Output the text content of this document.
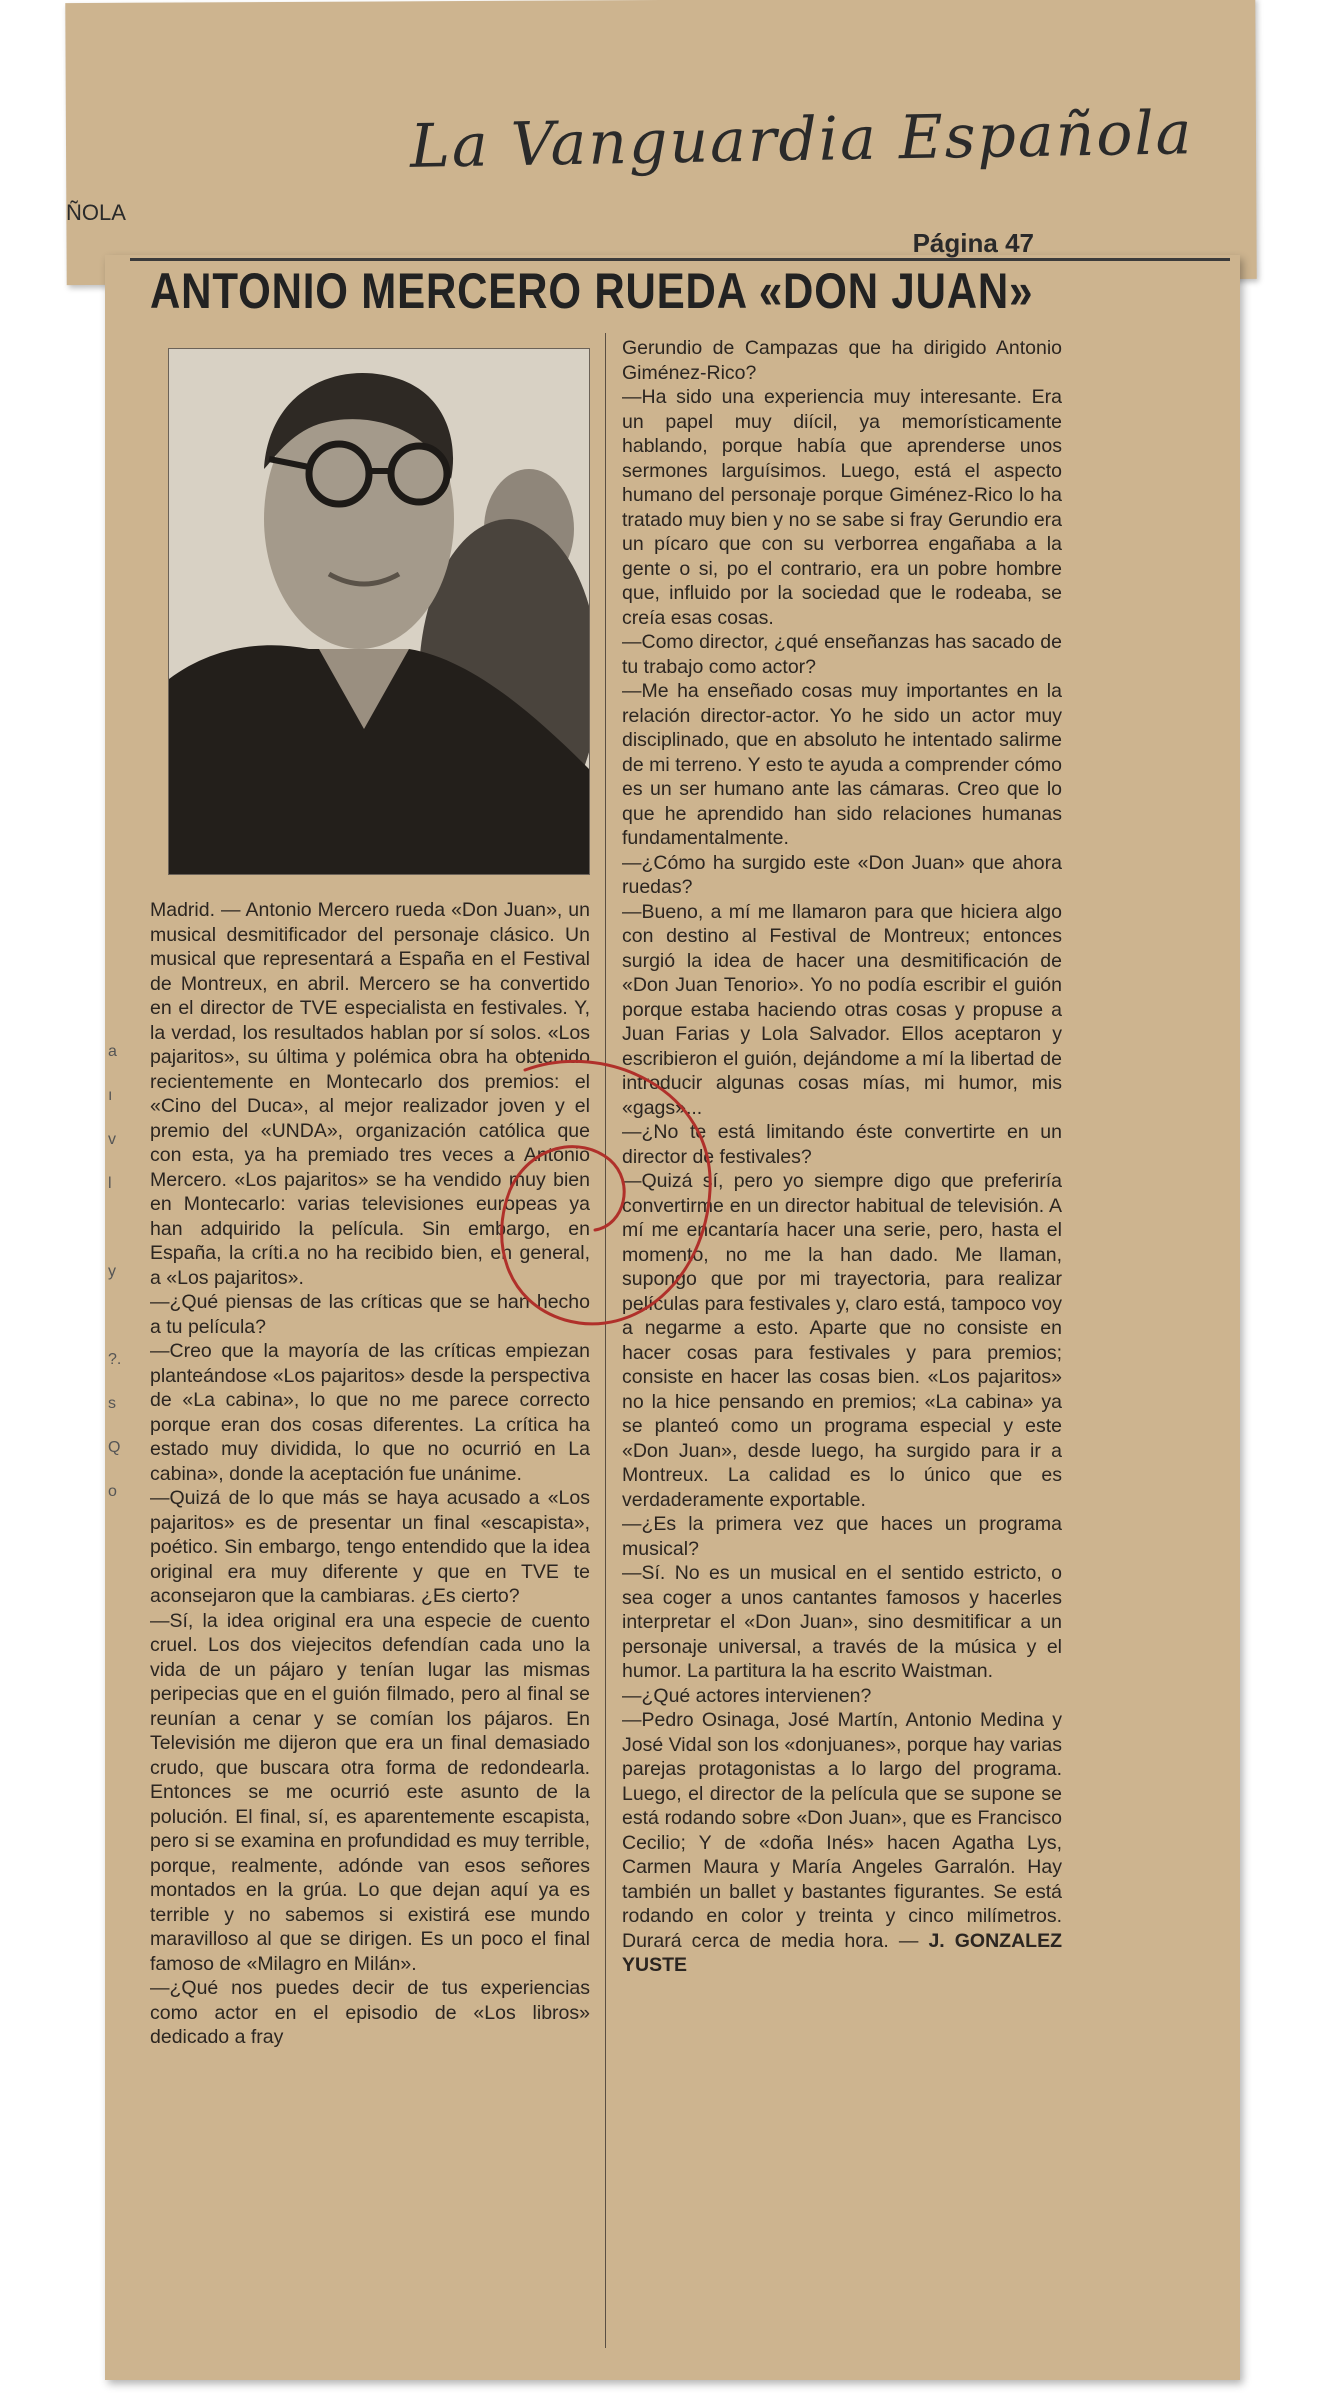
La Vanguardia Española
ÑOLA
Página 47
ANTONIO MERCERO RUEDA «DON JUAN»
a
ı
v
l

y

?.
s
Q
o
Madrid. — Antonio Mercero rueda «Don Juan», un musical desmitificador del personaje clásico. Un musical que representará a España en el Festival de Montreux, en abril. Mercero se ha convertido en el director de TVE especialista en festivales. Y, la verdad, los resultados hablan por sí solos. «Los pajaritos», su última y polémica obra ha obtenido recientemente en Montecarlo dos premios: el «Cino del Duca», al mejor realizador joven y el premio del «UNDA», organización católica que con esta, ya ha premiado tres veces a Antonio Mercero. «Los pajaritos» se ha vendido muy bien en Montecarlo: varias televisiones europeas ya han adquirido la película. Sin embargo, en España, la críti.a no ha recibido bien, en general, a «Los pajaritos».
—¿Qué piensas de las críticas que se han hecho a tu película?
—Creo que la mayoría de las críticas empiezan planteándose «Los pajaritos» desde la perspectiva de «La cabina», lo que no me parece correcto porque eran dos cosas diferentes. La crítica ha estado muy dividida, lo que no ocurrió en La cabina», donde la aceptación fue unánime.
—Quizá de lo que más se haya acusado a «Los pajaritos» es de presentar un final «escapista», poético. Sin embargo, tengo entendido que la idea original era muy diferente y que en TVE te aconsejaron que la cambiaras. ¿Es cierto?
—Sí, la idea original era una especie de cuento cruel. Los dos viejecitos defendían cada uno la vida de un pájaro y tenían lugar las mismas peripecias que en el guión filmado, pero al final se reunían a cenar y se comían los pájaros. En Televisión me dijeron que era un final demasiado crudo, que buscara otra forma de redondearla. Entonces se me ocurrió este asunto de la polución. El final, sí, es aparentemente escapista, pero si se examina en profundidad es muy terrible, porque, realmente, adónde van esos señores montados en la grúa. Lo que dejan aquí ya es terrible y no sabemos si existirá ese mundo maravilloso al que se dirigen. Es un poco el final famoso de «Milagro en Milán».
—¿Qué nos puedes decir de tus experiencias como actor en el episodio de «Los libros» dedicado a fray
Gerundio de Campazas que ha dirigido Antonio Giménez-Rico?
—Ha sido una experiencia muy interesante. Era un papel muy diícil, ya memorísticamente hablando, porque había que aprenderse unos sermones larguísimos. Luego, está el aspecto humano del personaje porque Giménez-Rico lo ha tratado muy bien y no se sabe si fray Gerundio era un pícaro que con su verborrea engañaba a la gente o si, po el contrario, era un pobre hombre que, influido por la sociedad que le rodeaba, se creía esas cosas.
—Como director, ¿qué enseñanzas has sacado de tu trabajo como actor?
—Me ha enseñado cosas muy importantes en la relación director-actor. Yo he sido un actor muy disciplinado, que en absoluto he intentado salirme de mi terreno. Y esto te ayuda a comprender cómo es un ser humano ante las cámaras. Creo que lo que he aprendido han sido relaciones humanas fundamentalmente.
—¿Cómo ha surgido este «Don Juan» que ahora ruedas?
—Bueno, a mí me llamaron para que hiciera algo con destino al Festival de Montreux; entonces surgió la idea de hacer una desmitificación de «Don Juan Tenorio». Yo no podía escribir el guión porque estaba haciendo otras cosas y propuse a Juan Farias y Lola Salvador. Ellos aceptaron y escribieron el guión, dejándome a mí la libertad de introducir algunas cosas mías, mi humor, mis «gags»...
—¿No te está limitando éste convertirte en un director de festivales?
—Quizá sí, pero yo siempre digo que preferiría convertirme en un director habitual de televisión. A mí me encantaría hacer una serie, pero, hasta el momento, no me la han dado. Me llaman, supongo que por mi trayectoria, para realizar películas para festivales y, claro está, tampoco voy a negarme a esto. Aparte que no consiste en hacer cosas para festivales y para premios; consiste en hacer las cosas bien. «Los pajaritos» no la hice pensando en premios; «La cabina» ya se planteó como un programa especial y este «Don Juan», desde luego, ha surgido para ir a Montreux. La calidad es lo único que es verdaderamente exportable.
—¿Es la primera vez que haces un programa musical?
—Sí. No es un musical en el sentido estricto, o sea coger a unos cantantes famosos y hacerles interpretar el «Don Juan», sino desmitificar a un personaje universal, a través de la música y el humor. La partitura la ha escrito Waistman.
—¿Qué actores intervienen?
—Pedro Osinaga, José Martín, Antonio Medina y José Vidal son los «donjuanes», porque hay varias parejas protagonistas a lo largo del programa. Luego, el director de la película que se supone se está rodando sobre «Don Juan», que es Francisco Cecilio; Y de «doña Inés» hacen Agatha Lys, Carmen Maura y María Angeles Garralón. Hay también un ballet y bastantes figurantes. Se está rodando en color y treinta y cinco milímetros. Durará cerca de media hora. — J. GONZALEZ YUSTE
